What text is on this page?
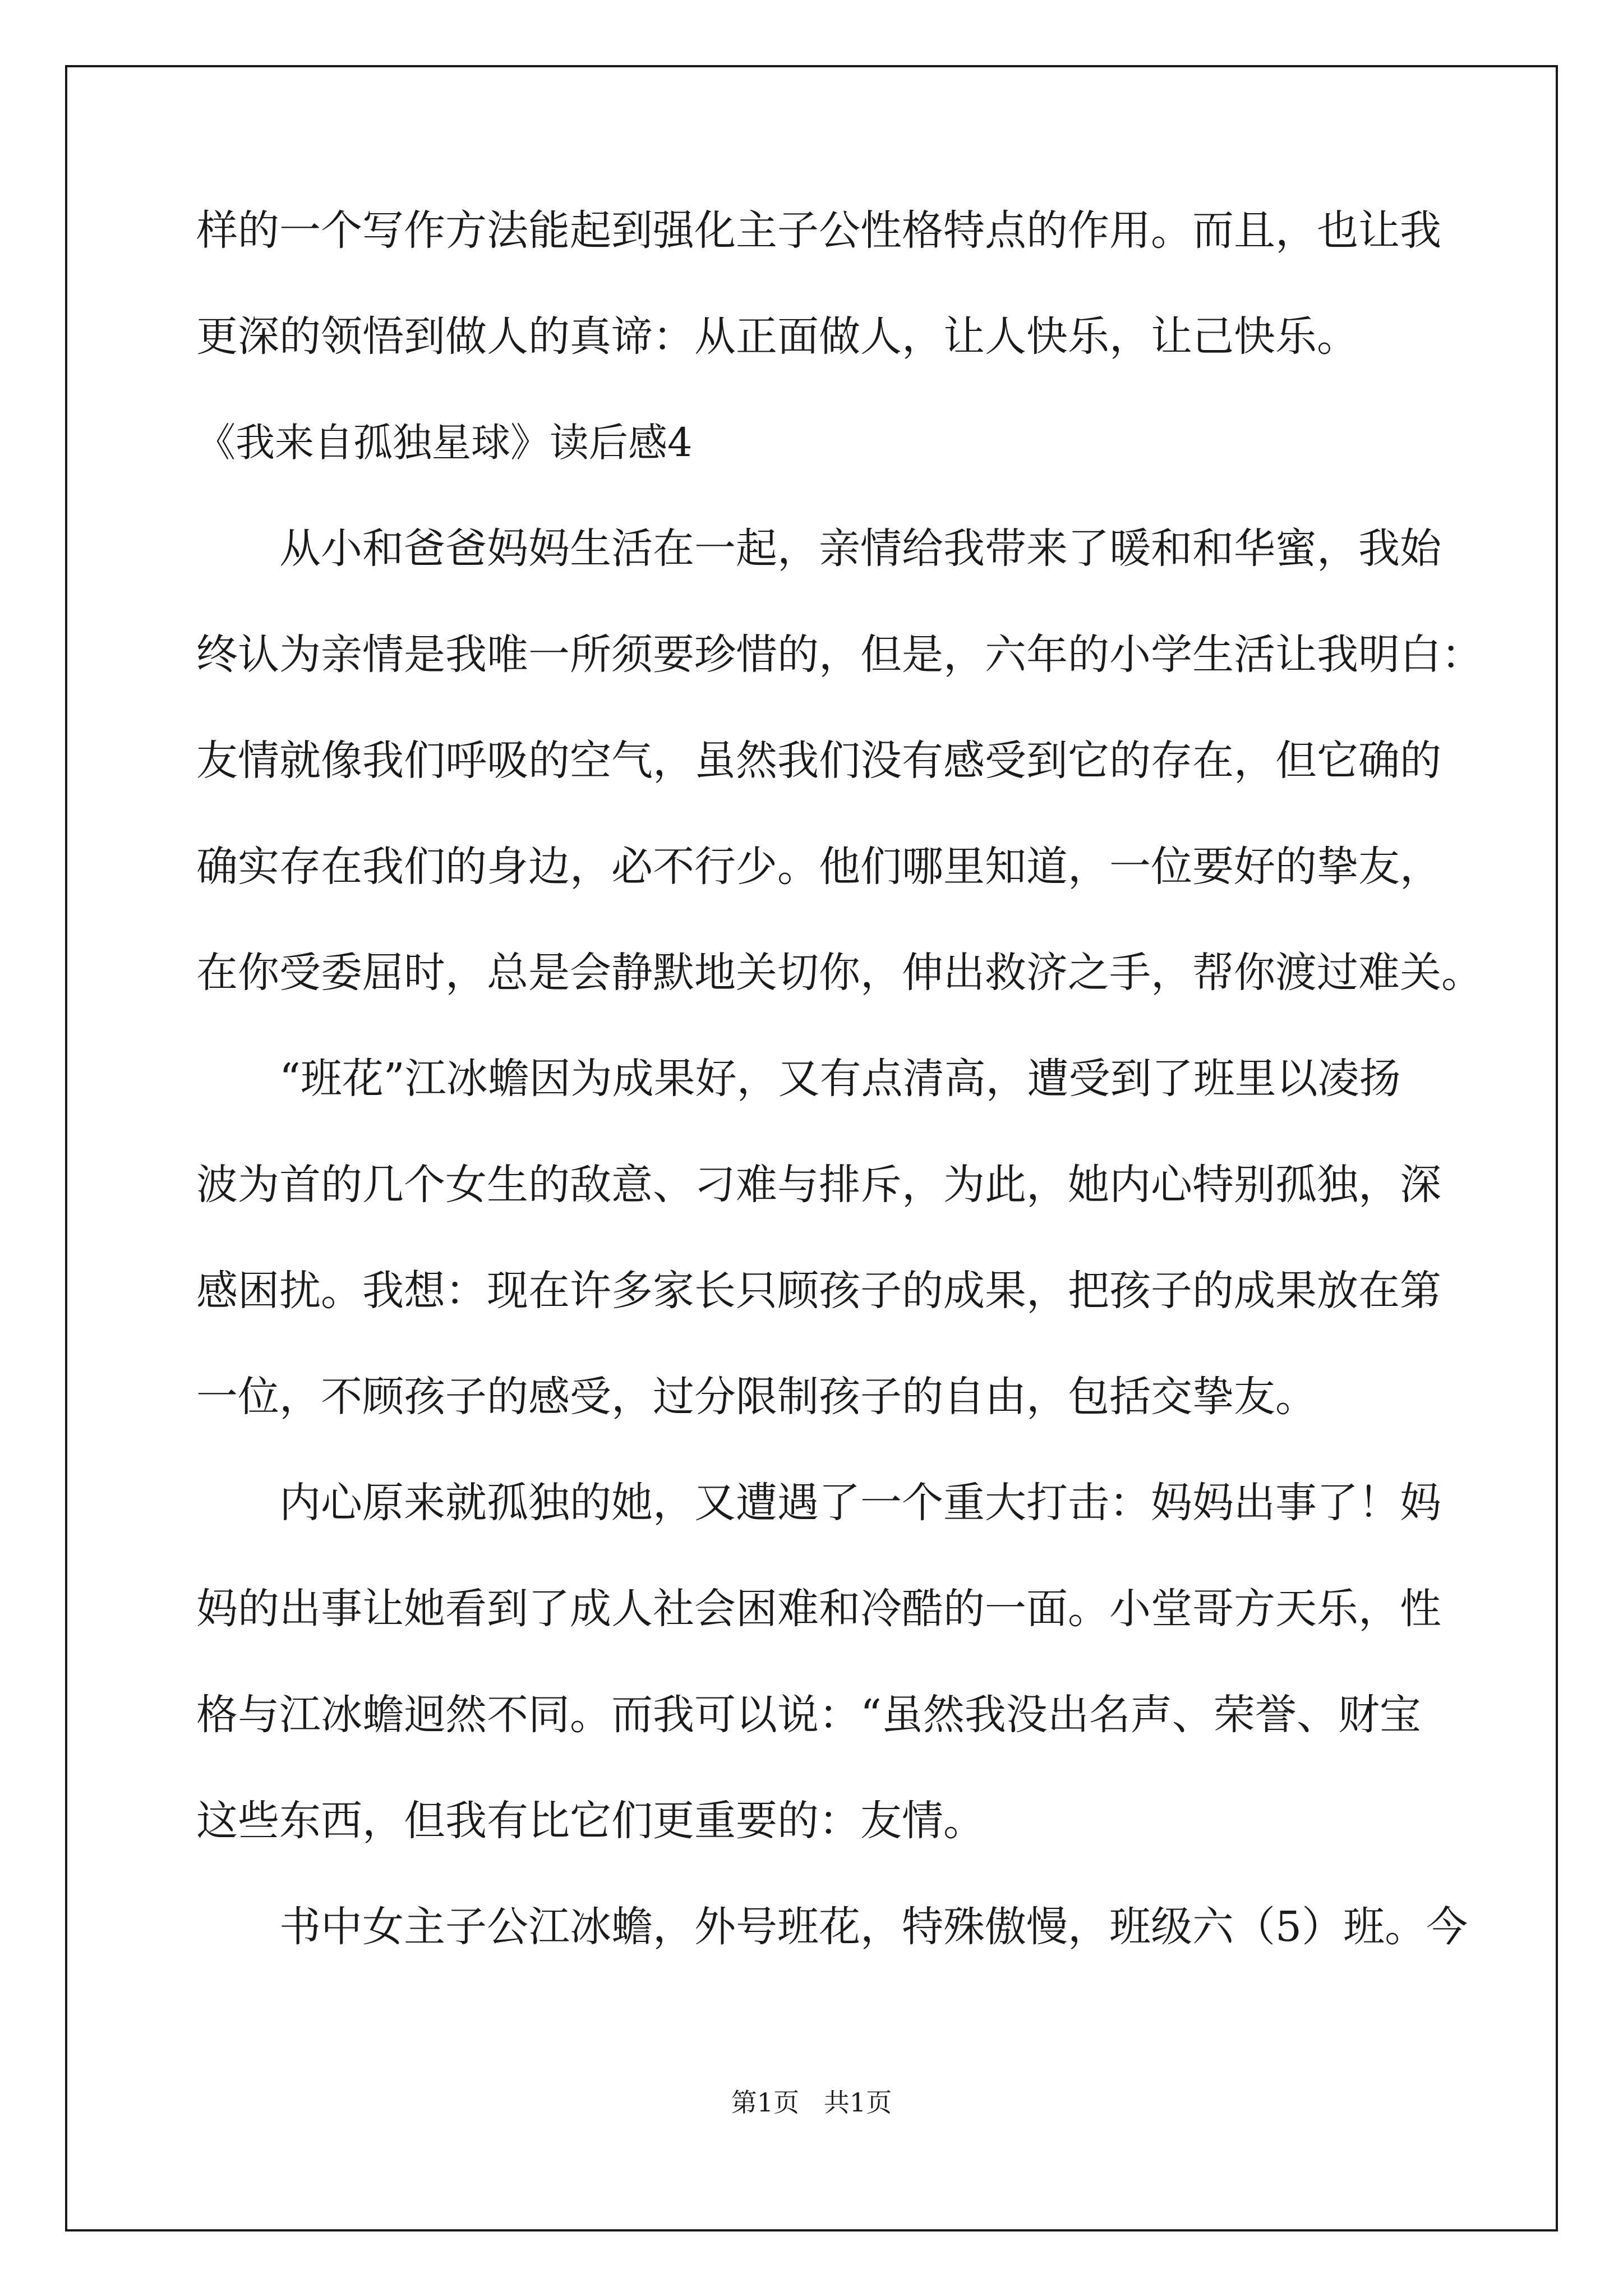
样的一个写作方法能起到强化主子公性格特点的作用。而且，也让我
更深的领悟到做人的真谛：从正面做人，让人快乐，让己快乐。
《我来自孤独星球》读后感4
从小和爸爸妈妈生活在一起，亲情给我带来了暖和和华蜜，我始
终认为亲情是我唯一所须要珍惜的，但是，六年的小学生活让我明白：
友情就像我们呼吸的空气，虽然我们没有感受到它的存在，但它确的
确实存在我们的身边，必不行少。他们哪里知道，一位要好的挚友，
在你受委屈时，总是会静默地关切你，伸出救济之手，帮你渡过难关。
“班花”江冰蟾因为成果好，又有点清高，遭受到了班里以凌扬
波为首的几个女生的敌意、刁难与排斥，为此，她内心特别孤独，深
感困扰。我想：现在许多家长只顾孩子的成果，把孩子的成果放在第
一位，不顾孩子的感受，过分限制孩子的自由，包括交挚友。
内心原来就孤独的她，又遭遇了一个重大打击：妈妈出事了！妈
妈的出事让她看到了成人社会困难和冷酷的一面。小堂哥方天乐，性
格与江冰蟾迥然不同。而我可以说：“虽然我没出名声、荣誉、财宝
这些东西，但我有比它们更重要的：友情。
书中女主子公江冰蟾，外号班花，特殊傲慢，班级六（5）班。今
第1页   共1页
